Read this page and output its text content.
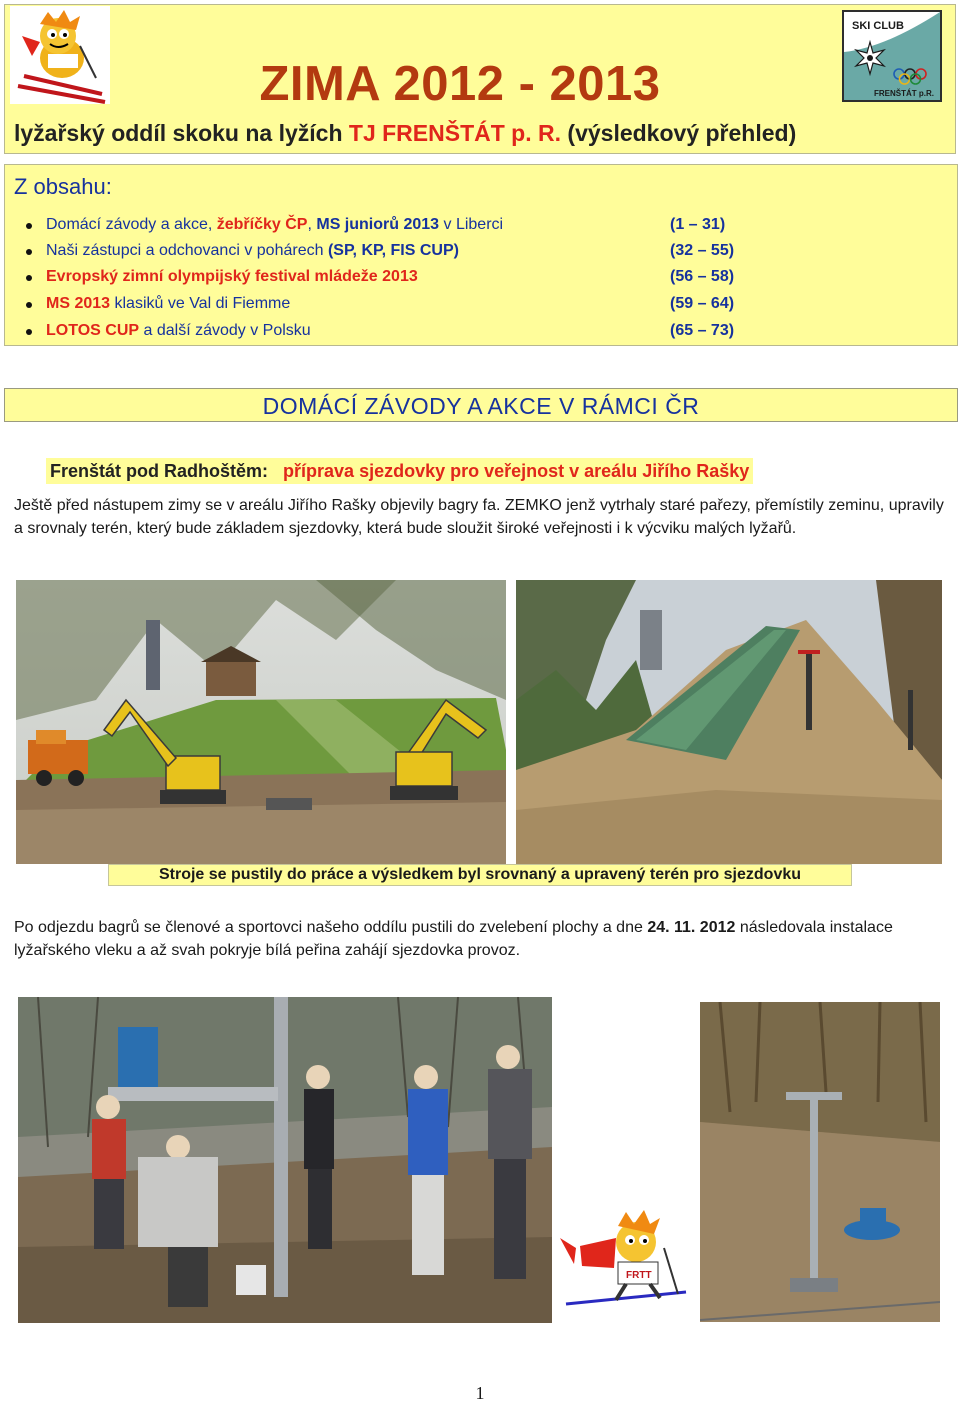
SKI CLUB
FRENŠTÁT p.R.
ZIMA 2012 - 2013
lyžařský oddíl skoku na lyžích TJ FRENŠTÁT p. R. (výsledkový přehled)
Z obsahu:
Domácí závody a akce, žebříčky ČP, MS juniorů 2013 v Liberci	(1 – 31)
Naši zástupci a odchovanci v pohárech (SP, KP, FIS CUP)	(32 – 55)
Evropský zimní olympijský festival mládeže 2013	(56 – 58)
MS 2013 klasiků ve Val di Fiemme	(59 – 64)
LOTOS CUP a další závody v Polsku	(65 – 73)
DOMÁCÍ ZÁVODY A AKCE V RÁMCI ČR
Frenštát pod Radhoštěm: příprava sjezdovky pro veřejnost v areálu Jiřího Rašky
Ještě před nástupem zimy se v areálu Jiřího Rašky objevily bagry fa. ZEMKO jenž vytrhaly staré pařezy, přemístily zeminu, upravily a srovnaly terén, který bude základem sjezdovky, která bude sloužit široké veřejnosti i k výcviku malých lyžařů.
Stroje se pustily do práce a výsledkem byl srovnaný a upravený terén pro sjezdovku
Po odjezdu bagrů se členové a sportovci našeho oddílu pustili do zvelebení plochy a dne 24. 11. 2012 následovala instalace lyžařského vleku a až svah pokryje bílá peřina zahájí sjezdovka provoz.
FRTT
1
